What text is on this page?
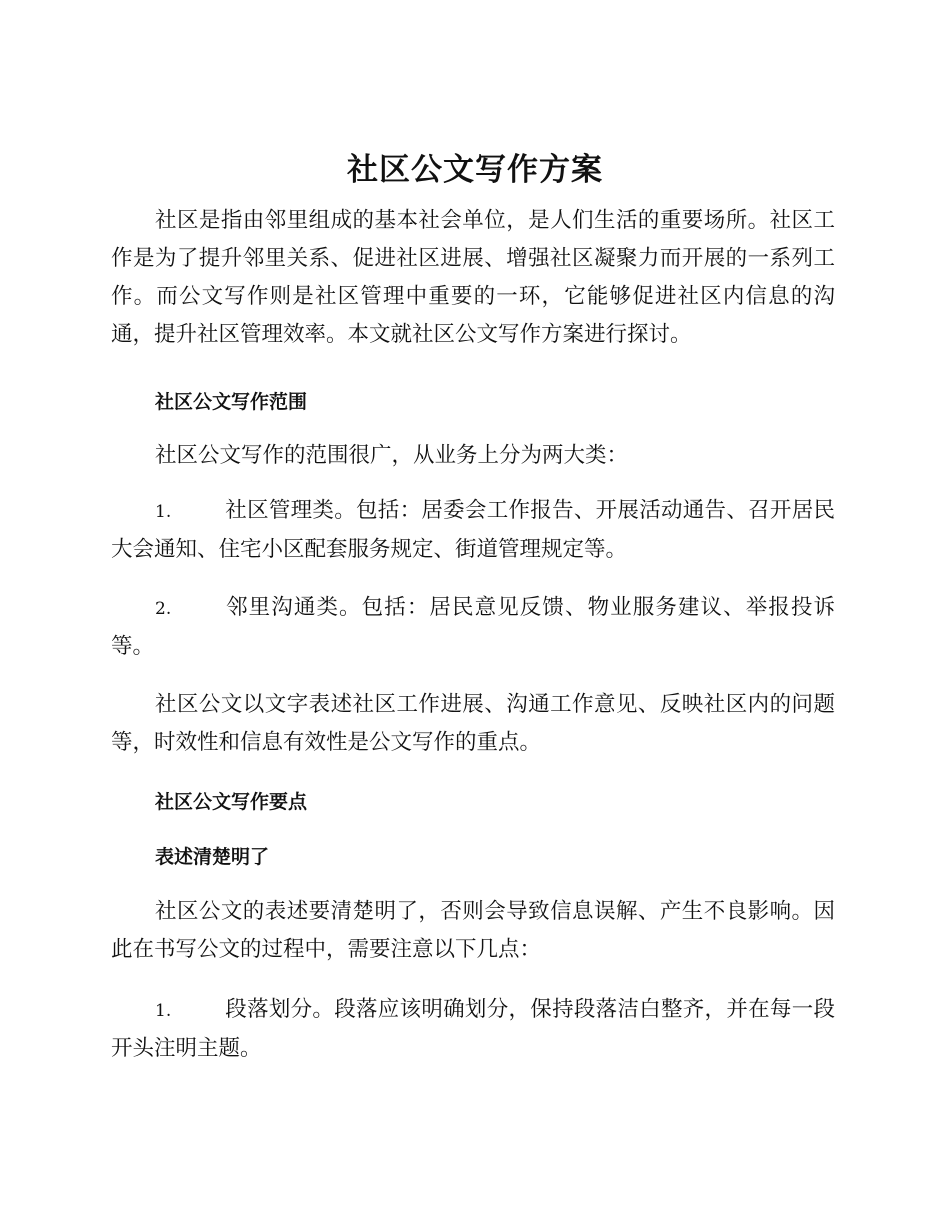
社区公文写作方案
社区是指由邻里组成的基本社会单位，是人们生活的重要场所。社区工作是为了提升邻里关系、促进社区进展、增强社区凝聚力而开展的一系列工作。而公文写作则是社区管理中重要的一环，它能够促进社区内信息的沟通，提升社区管理效率。本文就社区公文写作方案进行探讨。
社区公文写作范围
社区公文写作的范围很广，从业务上分为两大类：
1.	社区管理类。包括：居委会工作报告、开展活动通告、召开居民大会通知、住宅小区配套服务规定、街道管理规定等。
2.	邻里沟通类。包括：居民意见反馈、物业服务建议、举报投诉等。
社区公文以文字表述社区工作进展、沟通工作意见、反映社区内的问题等，时效性和信息有效性是公文写作的重点。
社区公文写作要点
表述清楚明了
社区公文的表述要清楚明了，否则会导致信息误解、产生不良影响。因此在书写公文的过程中，需要注意以下几点：
1.	段落划分。段落应该明确划分，保持段落洁白整齐，并在每一段开头注明主题。
